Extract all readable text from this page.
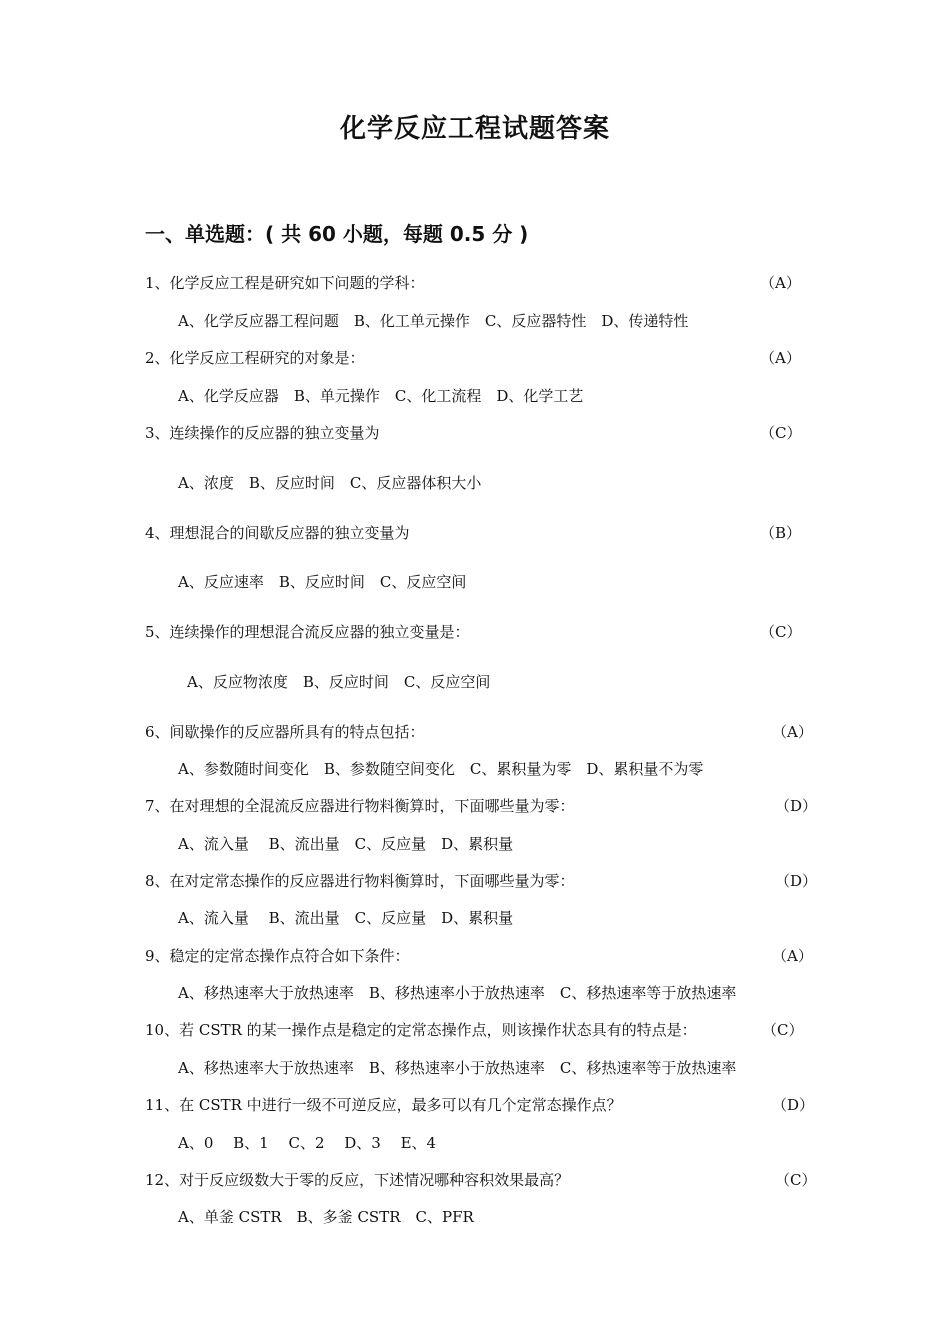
化学反应工程试题答案
一、单选题：( 共 60 小题，每题 0.5 分 )
1、化学反应工程是研究如下问题的学科：	（A）
A、化学反应器工程问题　B、化工单元操作　C、反应器特性　D、传递特性
2、化学反应工程研究的对象是：	（A）
A、化学反应器　B、单元操作　C、化工流程　D、化学工艺
3、连续操作的反应器的独立变量为	（C）
A、浓度　B、反应时间　C、反应器体积大小
4、理想混合的间歇反应器的独立变量为	（B）
A、反应速率　B、反应时间　C、反应空间
5、连续操作的理想混合流反应器的独立变量是：	（C）
A、反应物浓度　B、反应时间　C、反应空间
6、间歇操作的反应器所具有的特点包括：	（A）
A、参数随时间变化　B、参数随空间变化　C、累积量为零　D、累积量不为零
7、在对理想的全混流反应器进行物料衡算时，下面哪些量为零：	（D）
A、流入量　 B、流出量　C、反应量　D、累积量
8、在对定常态操作的反应器进行物料衡算时，下面哪些量为零：	（D）
A、流入量　 B、流出量　C、反应量　D、累积量
9、稳定的定常态操作点符合如下条件：	（A）
A、移热速率大于放热速率　B、移热速率小于放热速率　C、移热速率等于放热速率
10、若 CSTR 的某一操作点是稳定的定常态操作点，则该操作状态具有的特点是：	（C）
A、移热速率大于放热速率　B、移热速率小于放热速率　C、移热速率等于放热速率
11、在 CSTR 中进行一级不可逆反应，最多可以有几个定常态操作点？	（D）
A、0　 B、1　 C、2　 D、3　 E、4
12、对于反应级数大于零的反应，下述情况哪种容积效果最高？	（C）
A、单釜 CSTR　B、多釜 CSTR　C、PFR
